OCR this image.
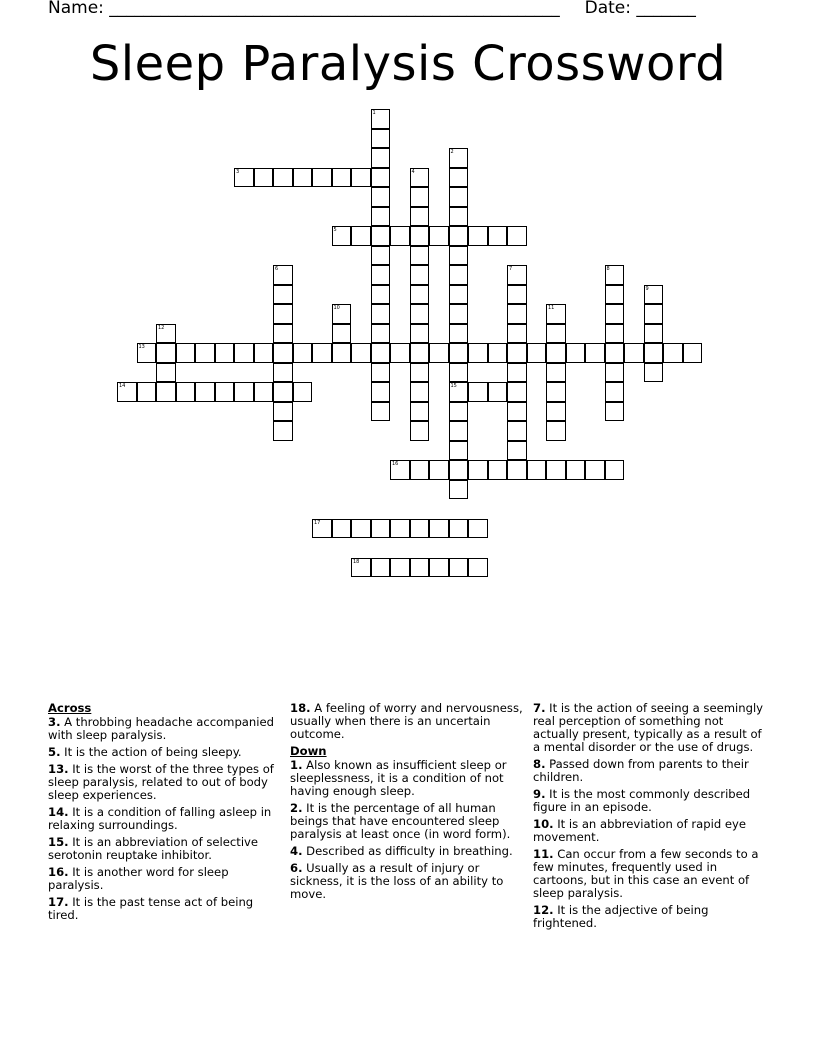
Name: _____________________________________________________ Date: _______
Sleep Paralysis Crossword
1
2
15
3	4
5
6	7	8
9
10	11
12
13
14
16
17
18
Across
3. A throbbing headache accompanied with sleep paralysis.
5. It is the action of being sleepy.
13. It is the worst of the three types of sleep paralysis, related to out of body sleep experiences.
14. It is a condition of falling asleep in relaxing surroundings.
15. It is an abbreviation of selective serotonin reuptake inhibitor.
16. It is another word for sleep paralysis.
17. It is the past tense act of being tired.
18. A feeling of worry and nervousness, usually when there is an uncertain outcome.
Down
1. Also known as insufficient sleep or sleeplessness, it is a condition of not having enough sleep.
2. It is the percentage of all human beings that have encountered sleep paralysis at least once (in word form).
4. Described as difficulty in breathing.
6. Usually as a result of injury or sickness, it is the loss of an ability to move.
7. It is the action of seeing a seemingly real perception of something not actually present, typically as a result of a mental disorder or the use of drugs.
8. Passed down from parents to their children.
9. It is the most commonly described figure in an episode.
10. It is an abbreviation of rapid eye movement.
11. Can occur from a few seconds to a few minutes, frequently used in cartoons, but in this case an event of sleep paralysis.
12. It is the adjective of being frightened.
